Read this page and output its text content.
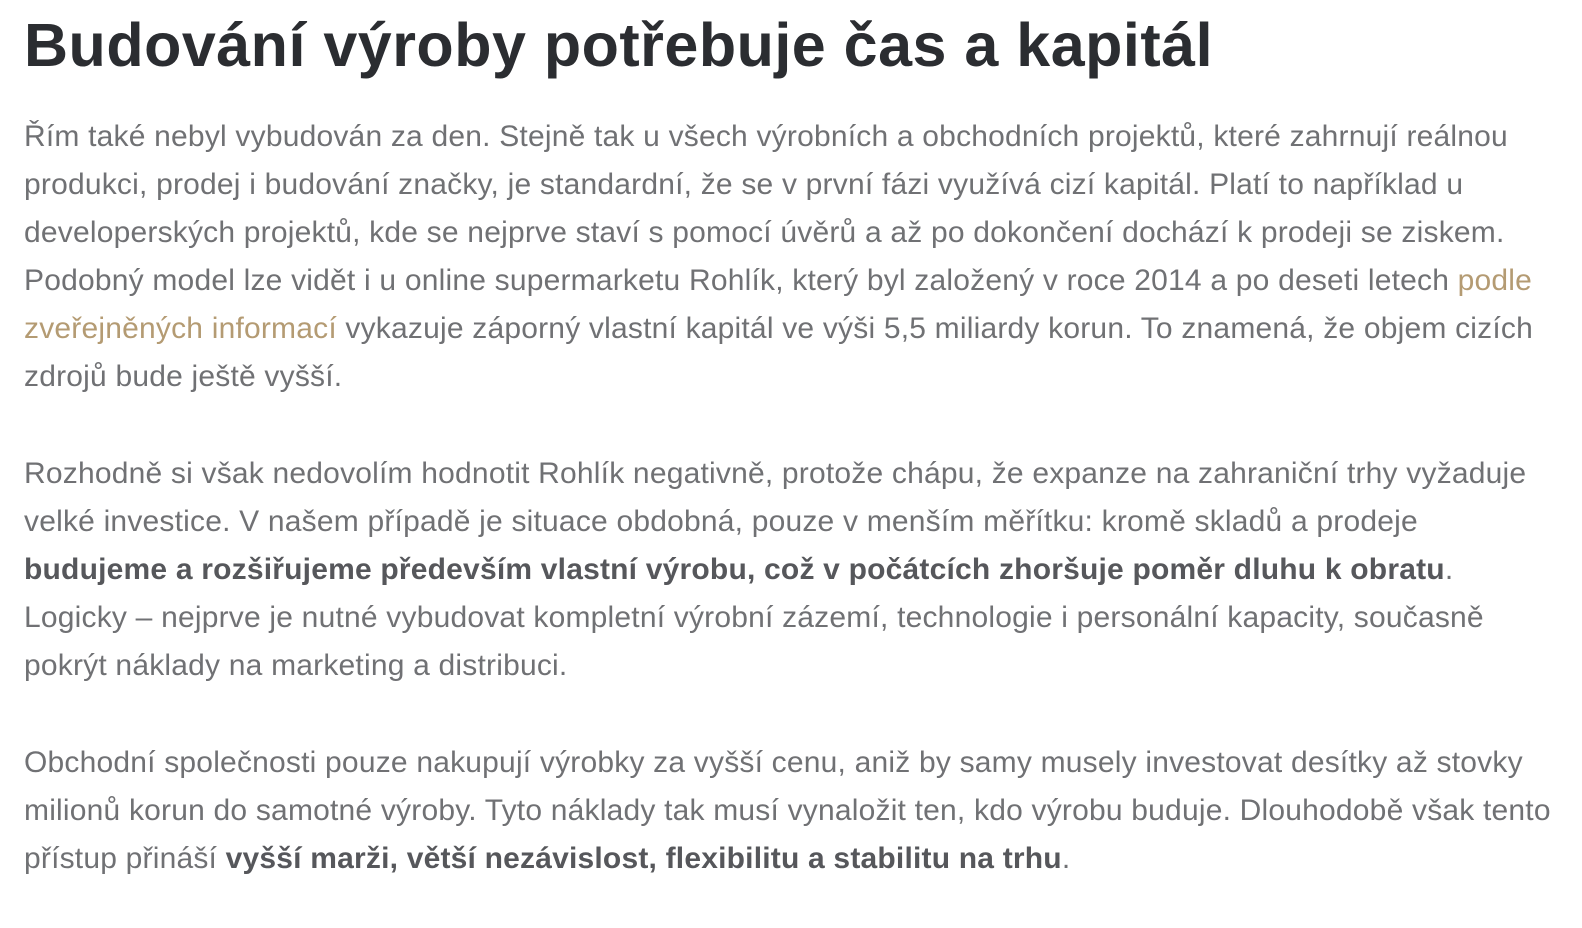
Budování výroby potřebuje čas a kapitál

Řím také nebyl vybudován za den. Stejně tak u všech výrobních a obchodních projektů, které zahrnují reálnou produkci, prodej i budování značky, je standardní, že se v první fázi využívá cizí kapitál. Platí to například u developerských projektů, kde se nejprve staví s pomocí úvěrů a až po dokončení dochází k prodeji se ziskem. Podobný model lze vidět i u online supermarketu Rohlík, který byl založený v roce 2014 a po deseti letech podle zveřejněných informací vykazuje záporný vlastní kapitál ve výši 5,5 miliardy korun. To znamená, že objem cizích zdrojů bude ještě vyšší.

Rozhodně si však nedovolím hodnotit Rohlík negativně, protože chápu, že expanze na zahraniční trhy vyžaduje velké investice. V našem případě je situace obdobná, pouze v menším měřítku: kromě skladů a prodeje budujeme a rozšiřujeme především vlastní výrobu, což v počátcích zhoršuje poměr dluhu k obratu. Logicky – nejprve je nutné vybudovat kompletní výrobní zázemí, technologie i personální kapacity, současně pokrýt náklady na marketing a distribuci.

Obchodní společnosti pouze nakupují výrobky za vyšší cenu, aniž by samy musely investovat desítky až stovky milionů korun do samotné výroby. Tyto náklady tak musí vynaložit ten, kdo výrobu buduje. Dlouhodobě však tento přístup přináší vyšší marži, větší nezávislost, flexibilitu a stabilitu na trhu.
